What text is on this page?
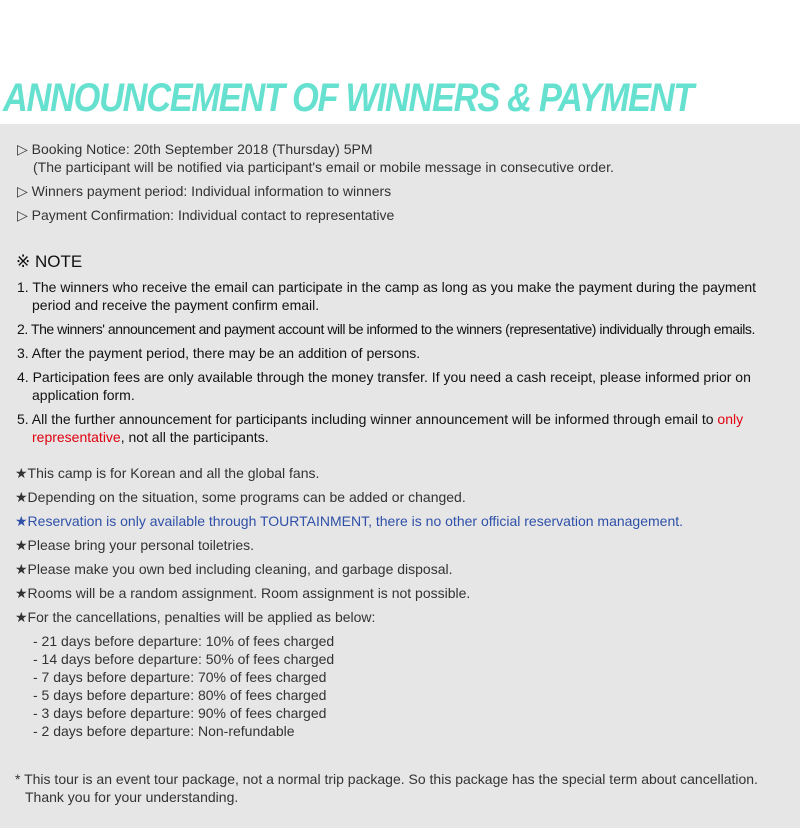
ANNOUNCEMENT OF WINNERS & PAYMENT
▷ Booking Notice: 20th September 2018 (Thursday) 5PM
(The participant will be notified via participant's email or mobile message in consecutive order.
▷ Winners payment period: Individual information to winners
▷ Payment Confirmation: Individual contact to representative
※ NOTE
1. The winners who receive the email can participate in the camp as long as you make the payment during the payment
period and receive the payment confirm email.
2. The winners' announcement and payment account will be informed to the winners (representative) individually through emails.
3. After the payment period, there may be an addition of persons.
4. Participation fees are only available through the money transfer. If you need a cash receipt, please informed prior on
application form.
5. All the further announcement for participants including winner announcement will be informed through email to only
representative, not all the participants.
★This camp is for Korean and all the global fans.
★Depending on the situation, some programs can be added or changed.
★Reservation is only available through TOURTAINMENT, there is no other official reservation management.
★Please bring your personal toiletries.
★Please make you own bed including cleaning, and garbage disposal.
★Rooms will be a random assignment. Room assignment is not possible.
★For the cancellations, penalties will be applied as below:
- 21 days before departure: 10% of fees charged
- 14 days before departure: 50% of fees charged
- 7 days before departure: 70% of fees charged
- 5 days before departure: 80% of fees charged
- 3 days before departure: 90% of fees charged
- 2 days before departure: Non-refundable
* This tour is an event tour package, not a normal trip package. So this package has the special term about cancellation.
Thank you for your understanding.
